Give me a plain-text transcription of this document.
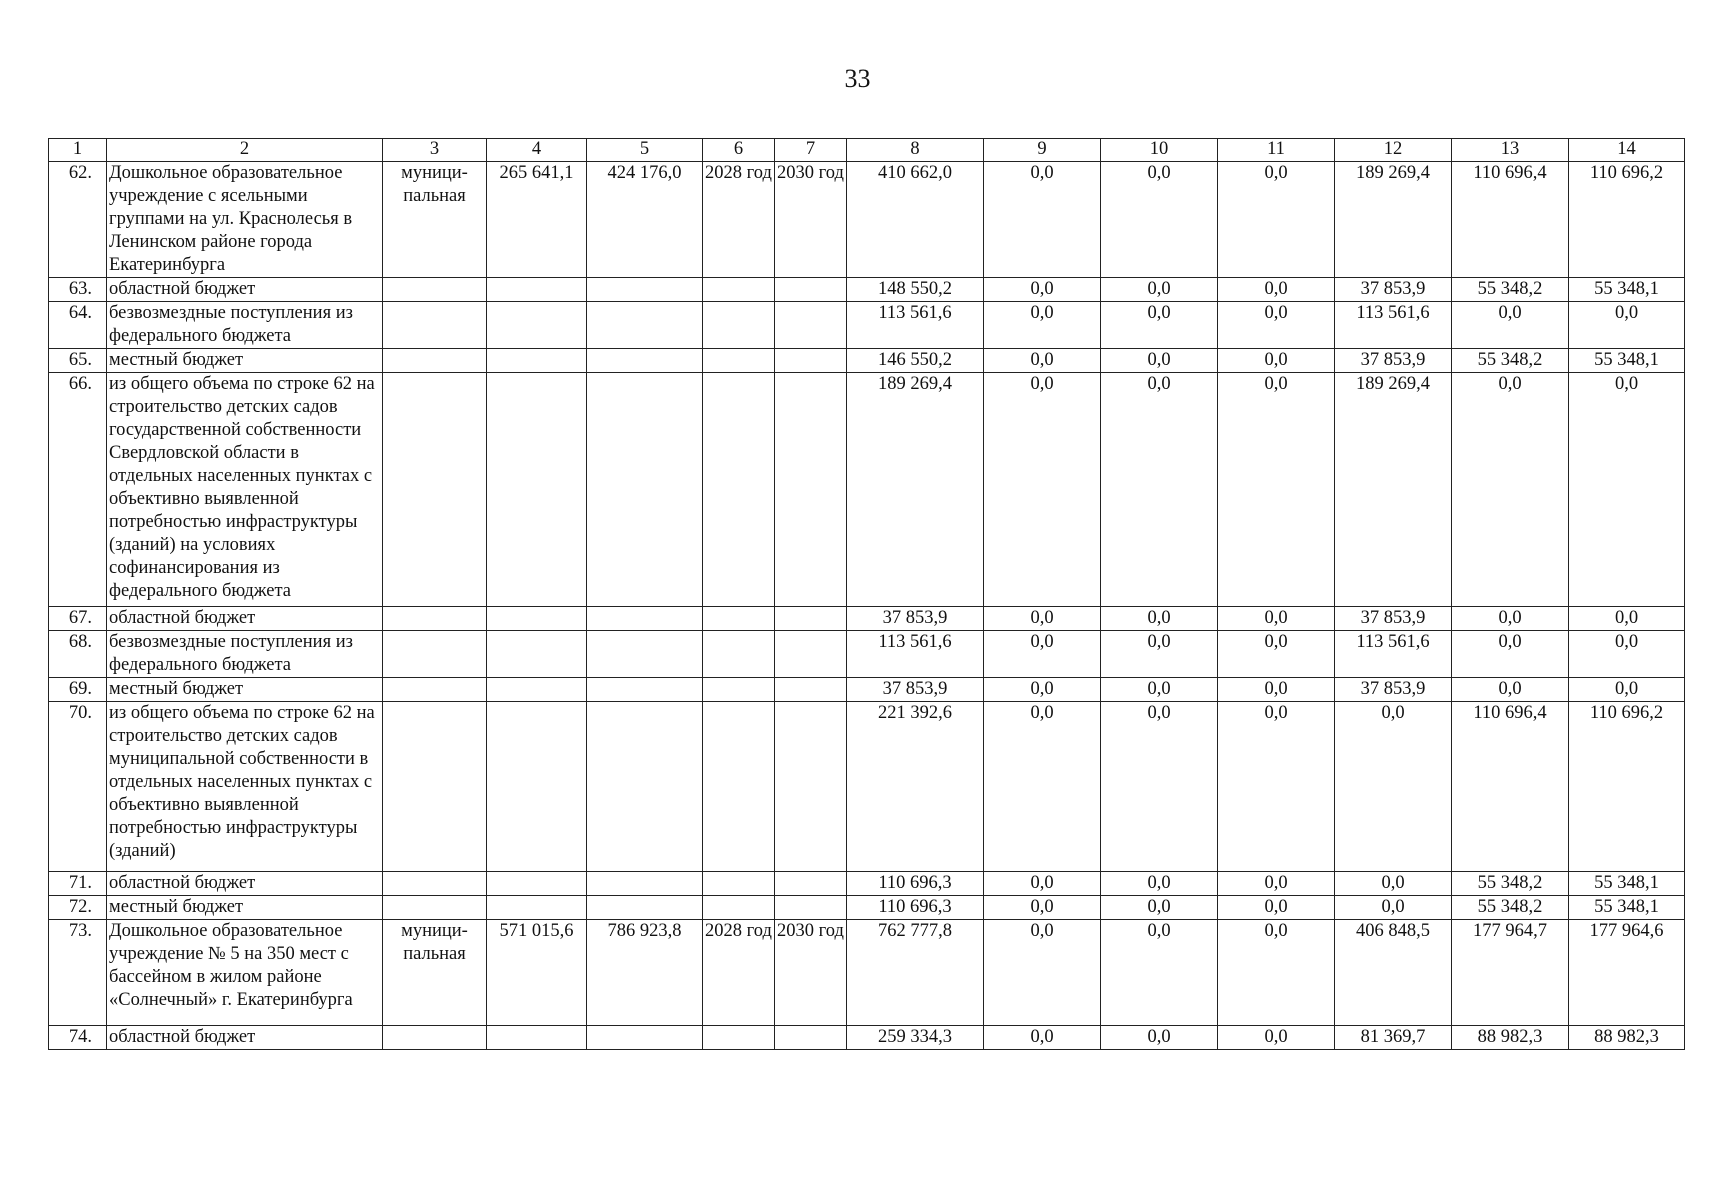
33
1	2	3	4	5	6	7	8	9	10	11	12	13	14
62.	Дошкольное образовательное учреждение с ясельными группами на ул. Краснолесья в Ленинском районе города Екатеринбурга	муници- пальная	265 641,1	424 176,0	2028 год	2030 год	410 662,0	0,0	0,0	0,0	189 269,4	110 696,4	110 696,2
63.	областной бюджет						148 550,2	0,0	0,0	0,0	37 853,9	55 348,2	55 348,1
64.	безвозмездные поступления из федерального бюджета						113 561,6	0,0	0,0	0,0	113 561,6	0,0	0,0
65.	местный бюджет						146 550,2	0,0	0,0	0,0	37 853,9	55 348,2	55 348,1
66.	из общего объема по строке 62 на строительство детских садов государственной собственности Свердловской области в отдельных населенных пунктах с объективно выявленной потребностью инфраструктуры (зданий) на условиях софинансирования из федерального бюджета						189 269,4	0,0	0,0	0,0	189 269,4	0,0	0,0
67.	областной бюджет						37 853,9	0,0	0,0	0,0	37 853,9	0,0	0,0
68.	безвозмездные поступления из федерального бюджета						113 561,6	0,0	0,0	0,0	113 561,6	0,0	0,0
69.	местный бюджет						37 853,9	0,0	0,0	0,0	37 853,9	0,0	0,0
70.	из общего объема по строке 62 на строительство детских садов муниципальной собственности в отдельных населенных пунктах с объективно выявленной потребностью инфраструктуры (зданий)						221 392,6	0,0	0,0	0,0	0,0	110 696,4	110 696,2
71.	областной бюджет						110 696,3	0,0	0,0	0,0	0,0	55 348,2	55 348,1
72.	местный бюджет						110 696,3	0,0	0,0	0,0	0,0	55 348,2	55 348,1
73.	Дошкольное образовательное учреждение № 5 на 350 мест с бассейном в жилом районе «Солнечный» г. Екатеринбурга	муници- пальная	571 015,6	786 923,8	2028 год	2030 год	762 777,8	0,0	0,0	0,0	406 848,5	177 964,7	177 964,6
74.	областной бюджет						259 334,3	0,0	0,0	0,0	81 369,7	88 982,3	88 982,3
